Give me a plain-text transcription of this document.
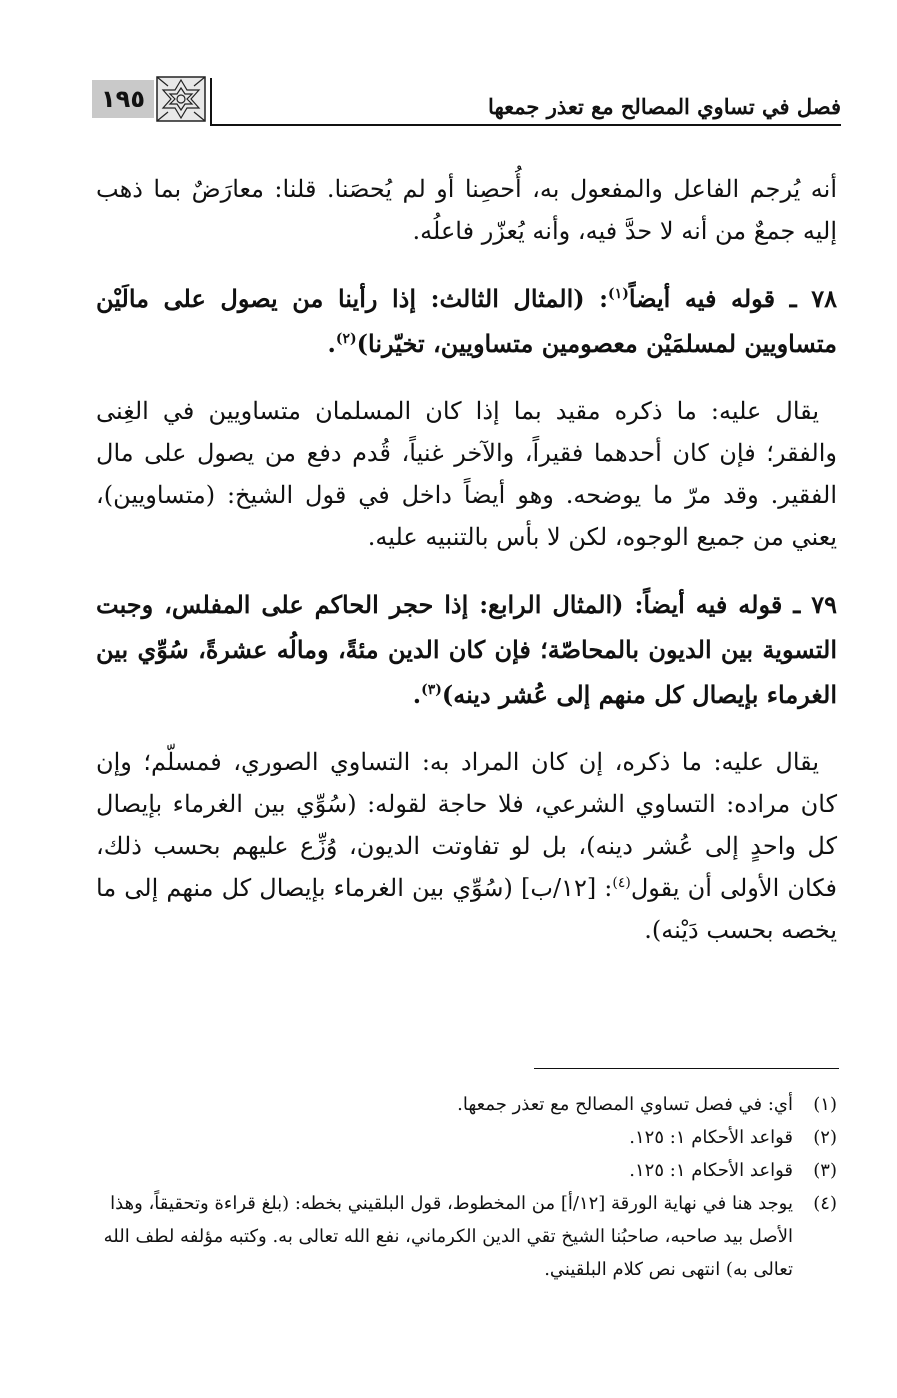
فصل في تساوي المصالح مع تعذر جمعها
١٩٥

أنه يُرجم الفاعل والمفعول به، أُحصِنا أو لم يُحصَنا. قلنا: معارَضٌ بما ذهب إليه جمعٌ من أنه لا حدَّ فيه، وأنه يُعزّر فاعلُه.

٧٨ ـ قوله فيه أيضاً$^{(١)}$: (المثال الثالث: إذا رأينا من يصول على مالَيْن متساويين لمسلمَيْن معصومين متساويين، تخيّرنا)$^{(٢)}$.

يقال عليه: ما ذكره مقيد بما إذا كان المسلمان متساويين في الغِنى والفقر؛ فإن كان أحدهما فقيراً، والآخر غنياً، قُدم دفع من يصول على مال الفقير. وقد مرّ ما يوضحه. وهو أيضاً داخل في قول الشيخ: (متساويين)، يعني من جميع الوجوه، لكن لا بأس بالتنبيه عليه.

٧٩ ـ قوله فيه أيضاً: (المثال الرابع: إذا حجر الحاكم على المفلس، وجبت التسوية بين الديون بالمحاصّة؛ فإن كان الدين مئةً، ومالُه عشرةً، سُوِّي بين الغرماء بإيصال كل منهم إلى عُشر دينه)$^{(٣)}$.

يقال عليه: ما ذكره، إن كان المراد به: التساوي الصوري، فمسلّم؛ وإن كان مراده: التساوي الشرعي، فلا حاجة لقوله: (سُوِّي بين الغرماء بإيصال كل واحدٍ إلى عُشر دينه)، بل لو تفاوتت الديون، وُزِّع عليهم بحسب ذلك، فكان الأولى أن يقول$^{(٤)}$: [١٢/ب] (سُوِّي بين الغرماء بإيصال كل منهم إلى ما يخصه بحسب دَيْنه).

(١)
أي: في فصل تساوي المصالح مع تعذر جمعها.
(٢)
قواعد الأحكام ١: ١٢٥.
(٣)
قواعد الأحكام ١: ١٢٥.
(٤)
يوجد هنا في نهاية الورقة [١٢/أ] من المخطوط، قول البلقيني بخطه: (بلغ قراءة وتحقيقاً، وهذا الأصل بيد صاحبه، صاحبُنا الشيخ تقي الدين الكرماني، نفع الله تعالى به. وكتبه مؤلفه لطف الله تعالى به) انتهى نص كلام البلقيني.
